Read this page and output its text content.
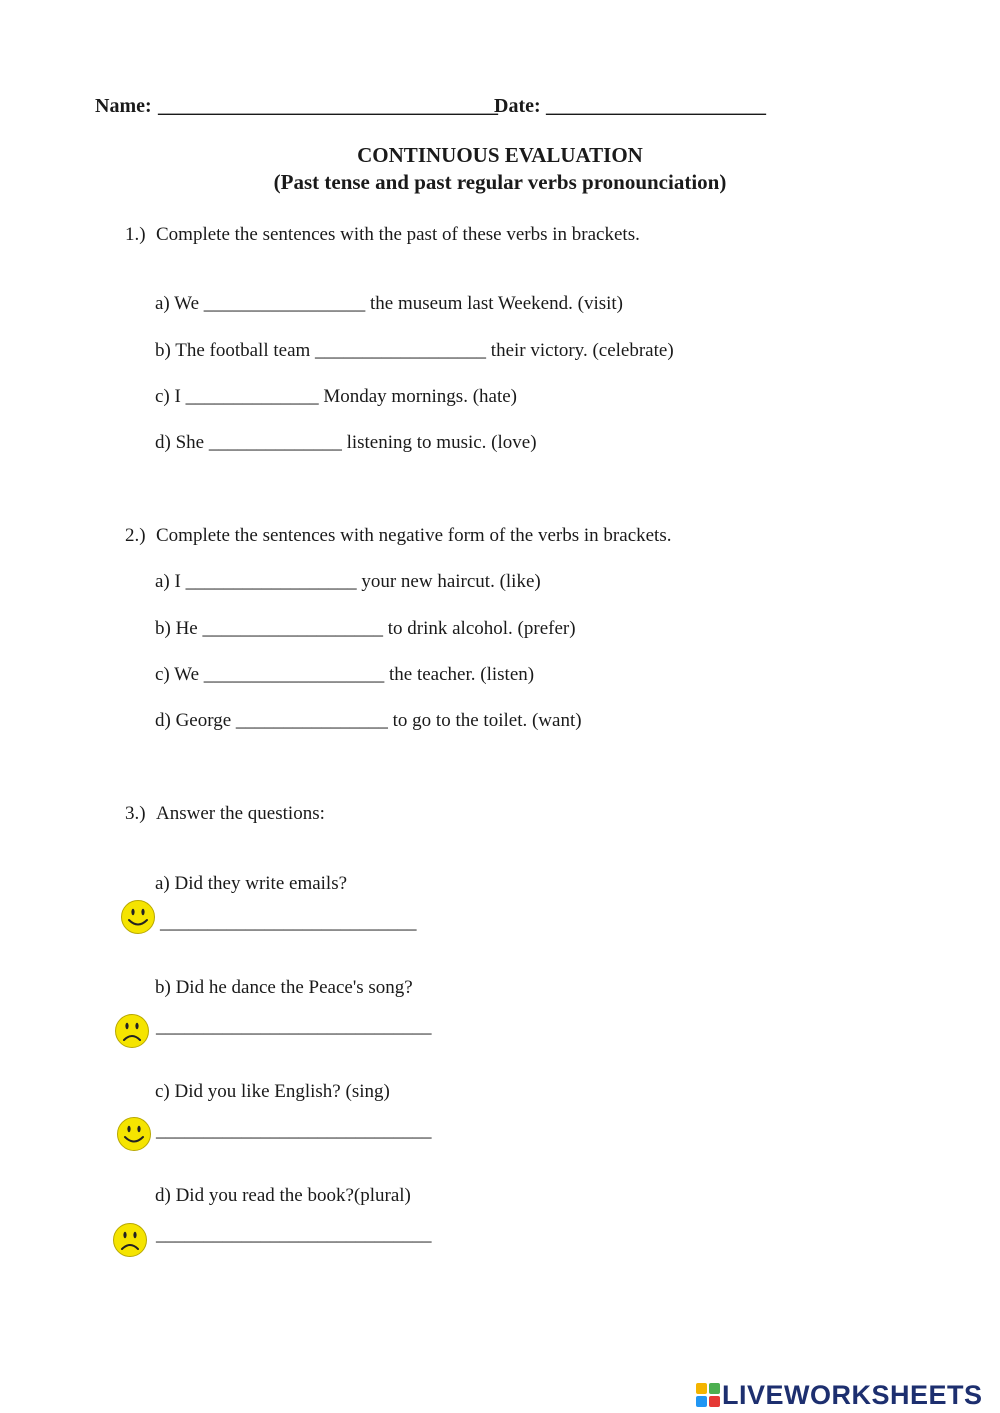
Name: __________________________________
Date: ______________________
CONTINUOUS EVALUATION
(Past tense and past regular verbs pronounciation)
1.) Complete the sentences with the past of these verbs in brackets.
a) We _________________ the museum last Weekend. (visit)
b) The football team __________________ their victory. (celebrate)
c) I ______________ Monday mornings. (hate)
d) She ______________ listening to music. (love)
2.) Complete the sentences with negative form of the verbs in brackets.
a) I __________________ your new haircut. (like)
b) He ___________________ to drink alcohol. (prefer)
c) We ___________________ the teacher. (listen)
d) George ________________ to go to the toilet. (want)
3.) Answer the questions:
a) Did they write emails?
___________________________
b) Did he dance the Peace's song?
_____________________________
c) Did you like English? (sing)
_____________________________
d) Did you read the book?(plural)
_____________________________
LIVEWORKSHEETS
